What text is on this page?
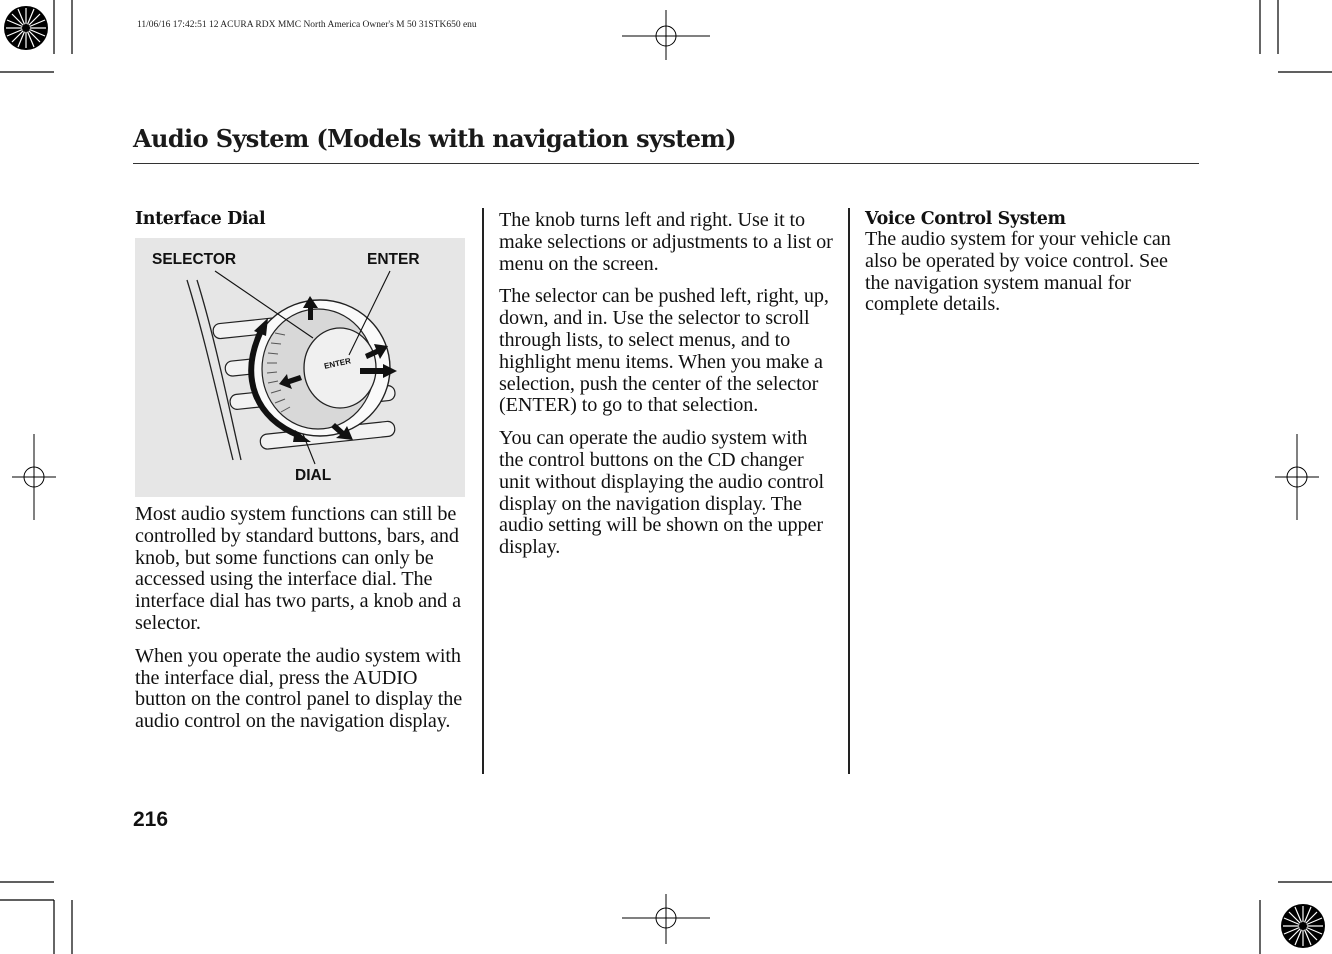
11/06/16 17:42:51 12 ACURA RDX MMC North America Owner's M 50 31STK650 enu
Audio System (Models with navigation system)
Interface Dial
SELECTOR	ENTER
DIAL
ENTER

Most audio system functions can still be controlled by standard buttons, bars, and knob, but some functions can only be accessed using the interface dial. The interface dial has two parts, a knob and a selector.

When you operate the audio system with the interface dial, press the AUDIO button on the control panel to display the audio control on the navigation display.

The knob turns left and right. Use it to make selections or adjustments to a list or menu on the screen.

The selector can be pushed left, right, up, down, and in. Use the selector to scroll through lists, to select menus, and to highlight menu items. When you make a selection, push the center of the selector (ENTER) to go to that selection.

You can operate the audio system with the control buttons on the CD changer unit without displaying the audio control display on the navigation display. The audio setting will be shown on the upper display.

Voice Control System

The audio system for your vehicle can also be operated by voice control. See the navigation system manual for complete details.

216
